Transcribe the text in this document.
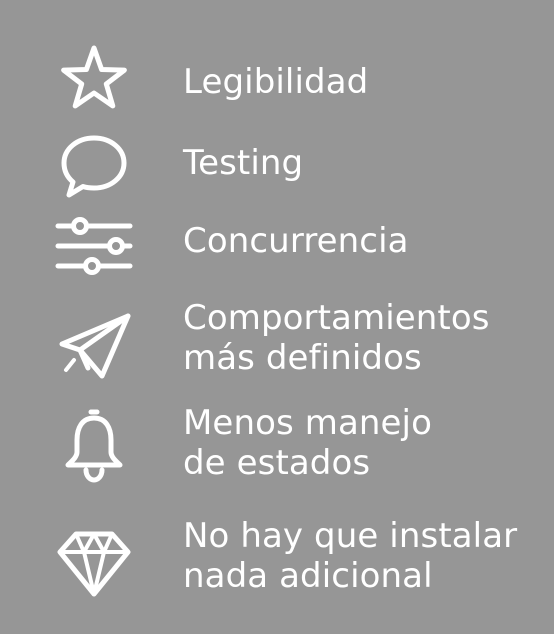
Legibilidad
Testing
Concurrencia
Comportamientos
más definidos
Menos manejo
de estados
No hay que instalar
nada adicional
